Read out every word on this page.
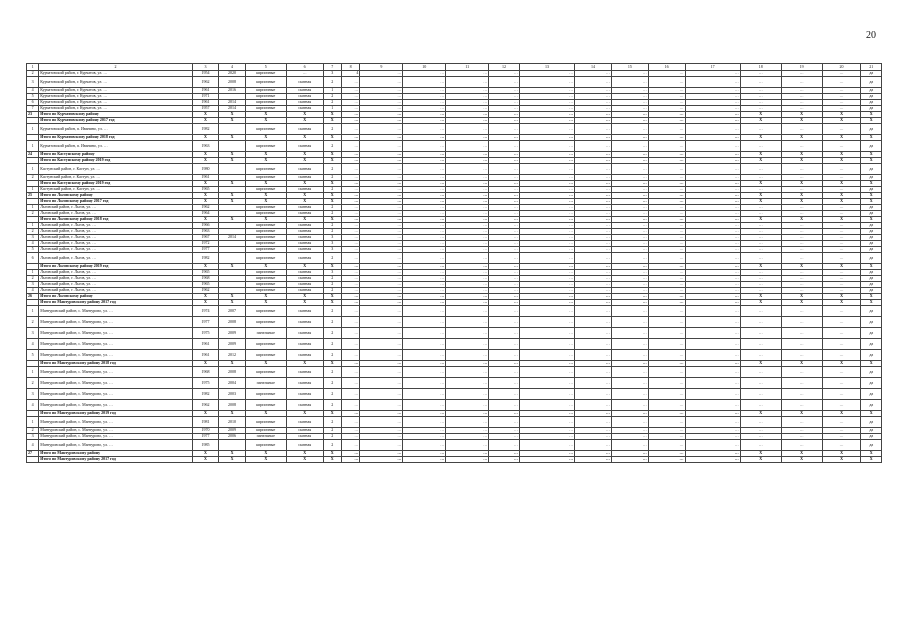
20
1	2	3	4	5	6	7	8	9	10	11	12	13	14	15	16	17	18	19	20	21
2	Курчатовский район, г. Курчатов, ул. …	1954	2020	кирпичные	…	3	4	…	…	…	…	…	…	…	…	…	…	…	…	да
3	Курчатовский район, г. Курчатов, ул. …	1962	2008	кирпичные	скатная	2	…	…	…	…	…	…	…	…	…	…	…	…	…	да
4	Курчатовский район, г. Курчатов, ул. …	1961	2016	кирпичные	скатная	1	…	…	…	…	…	…	…	…	…	…	…	…	…	да
5	Курчатовский район, г. Курчатов, ул. …	1971		кирпичные	скатная	2	…	…	…	…	…	…	…	…	…	…	…	…	…	да
6	Курчатовский район, г. Курчатов, ул. …	1961	2014	кирпичные	скатная	2	…	…	…	…	…	…	…	…	…	…	…	…	…	да
7	Курчатовский район, г. Курчатов, ул. …	1957	2014	кирпичные	скатная	1	…	…	…	…	…	…	…	…	…	…	…	…	…	да
23	Итого по Курчатовскому району	X	X	X	X	X	…	…	…	…	…	…	…	…	…	…	X	X	X	X
	Итого по Курчатовскому району 2017 год	X	X	X	X	X	…	…	…	…	…	…	…	…	…	…	X	X	X	X
1	Курчатовский район, п. Иванино, ул. …	1982		кирпичные	скатная	2	…	…	…	…	…	…	…	…	…	…	…	…	…	да
	Итого по Курчатовскому району 2018 год	X	X	X	X	X	…	…	…	…	…	…	…	…	…	…	X	X	X	X
1	Курчатовский район, п. Иванино, ул. …	1963		кирпичные	скатная	2	…	…	…	…	…	…	…	…	…	…	…	…	…	да
24	Итого по Кастунскому району	X	X	X	X	X	…	…	…	…	…	…	…	…	…	…	X	X	X	X
	Итого по Кастунскому району 2019 год	X	X	X	X	X	…	…	…	…	…	…	…	…	…	…	X	X	X	X
1	Кастунский район, г. Кастун, ул. …	1980		кирпичные	скатная	2	…	…	…	…	…	…	…	…	…	…	…	…	…	да
2	Кастунский район, г. Кастун, ул. …	1961		кирпичные	скатная	2	…	…	…	…	…	…	…	…	…	…	…	…	…	да
	Итого по Кастунскому району 2019 год	X	X	X	X	X	…	…	…	…	…	…	…	…	…	…	X	X	X	X
1	Кастунский район, г. Кастун, ул. …	1965		кирпичные	скатная	2	…	…	…	…	…	…	…	…	…	…	…	…	…	да
25	Итого по Льговскому району	X	X	X	X	X	…	…	…	…	…	…	…	…	…	…	X	X	X	X
	Итого по Льговскому району 2017 год	X	X	X	X	X	…	…	…	…	…	…	…	…	…	…	X	X	X	X
1	Льговский район, г. Льгов, ул. …	1962		кирпичные	скатная	2	…	…	…	…	…	…	…	…	…	…	…	…	…	да
2	Льговский район, г. Льгов, ул. …	1964		кирпичные	скатная	2	…	…	…	…	…	…	…	…	…	…	…	…	…	да
	Итого по Льговскому району 2018 год	X	X	X	X	X	…	…	…	…	…	…	…	…	…	…	X	X	X	X
1	Льговский район, г. Льгов, ул. …	1966		кирпичные	скатная	2	…	…	…	…	…	…	…	…	…	…	…	…	…	да
2	Льговский район, г. Льгов, ул. …	1963		кирпичные	скатная	2	…	…	…	…	…	…	…	…	…	…	…	…	…	да
3	Льговский район, г. Льгов, ул. …	1967	2014	кирпичные	скатная	3	…	…	…	…	…	…	…	…	…	…	…	…	…	да
4	Льговский район, г. Льгов, ул. …	1972		кирпичные	скатная	3	…	…	…	…	…	…	…	…	…	…	…	…	…	да
5	Льговский район, г. Льгов, ул. …	1977		кирпичные	скатная	3	…	…	…	…	…	…	…	…	…	…	…	…	…	да
6	Льговский район, г. Льгов, ул. …	1982		кирпичные	скатная	2	…	…	…	…	…	…	…	…	…	…	…	…	…	да
	Итого по Льговскому району 2019 год	X	X	X	X	X	…	…	…	…	…	…	…	…	…	…	X	X	X	X
1	Льговский район, г. Льгов, ул. …	1965		кирпичные	скатная	3	…	…	…	…	…	…	…	…	…	…	…	…	…	да
2	Льговский район, г. Льгов, ул. …	1968		кирпичные	скатная	2	…	…	…	…	…	…	…	…	…	…	…	…	…	да
3	Льговский район, г. Льгов, ул. …	1965		кирпичные	скатная	2	…	…	…	…	…	…	…	…	…	…	…	…	…	да
4	Льговский район, г. Льгов, ул. …	1962		кирпичные	скатная	2	…	…	…	…	…	…	…	…	…	…	…	…	…	да
26	Итого по Льговскому району	X	X	X	X	X	…	…	…	…	…	…	…	…	…	…	X	X	X	X
	Итого по Мантуровскому району 2017 год	X	X	X	X	X	…	…	…	…	…	…	…	…	…	…	X	X	X	X
1	Мантуровский район, с. Мантурово, ул. …	1974	2007	кирпичные	скатная	2	…	…	…	…	…	…	…	…	…	…	…	…	…	да
2	Мантуровский район, с. Мантурово, ул. …	1977	2008	кирпичные	скатная	2	…	…	…	…	…	…	…	…	…	…	…	…	…	да
3	Мантуровский район, с. Мантурово, ул. …	1975	2009	панельные	скатная	2	…	…	…	…	…	…	…	…	…	…	…	…	…	да
4	Мантуровский район, с. Мантурово, ул. …	1961	2009	кирпичные	скатная	2	…	…	…	…	…	…	…	…	…	…	…	…	…	да
5	Мантуровский район, с. Мантурово, ул. …	1961	2012	кирпичные	скатная	2	…	…	…	…	…	…	…	…	…	…	…	…	…	да
	Итого по Мантуровскому району 2018 год	X	X	X	X	X	…	…	…	…	…	…	…	…	…	…	X	X	X	X
1	Мантуровский район, с. Мантурово, ул. …	1968	2008	кирпичные	скатная	2	…	…	…	…	…	…	…	…	…	…	…	…	…	да
2	Мантуровский район, с. Мантурово, ул. …	1975	2004	панельные	скатная	2	…	…	…	…	…	…	…	…	…	…	…	…	…	да
3	Мантуровский район, с. Мантурово, ул. …	1982	2003	кирпичные	скатная	2	…	…	…	…	…	…	…	…	…	…	…	…	…	да
4	Мантуровский район, с. Мантурово, ул. …	1962	2008	кирпичные	скатная	2	…	…	…	…	…	…	…	…	…	…	…	…	…	да
	Итого по Мантуровскому району 2019 год	X	X	X	X	X	…	…	…	…	…	…	…	…	…	…	X	X	X	X
1	Мантуровский район, с. Мантурово, ул. …	1981	2010	кирпичные	скатная	2	…	…	…	…	…	…	…	…	…	…	…	…	…	да
2	Мантуровский район, с. Мантурово, ул. …	1970	2009	кирпичные	скатная	2	…	…	…	…	…	…	…	…	…	…	…	…	…	да
3	Мантуровский район, с. Мантурово, ул. …	1977	2006	панельные	скатная	2	…	…	…	…	…	…	…	…	…	…	…	…	…	да
4	Мантуровский район, с. Мантурово, ул. …	1985		кирпичные	скатная	2	…	…	…	…	…	…	…	…	…	…	…	…	…	да
27	Итого по Мантуровскому району	X	X	X	X	X	…	…	…	…	…	…	…	…	…	…	X	X	X	X
	Итого по Мантуровскому району 2017 год	X	X	X	X	X	…	…	…	…	…	…	…	…	…	…	X	X	X	X
